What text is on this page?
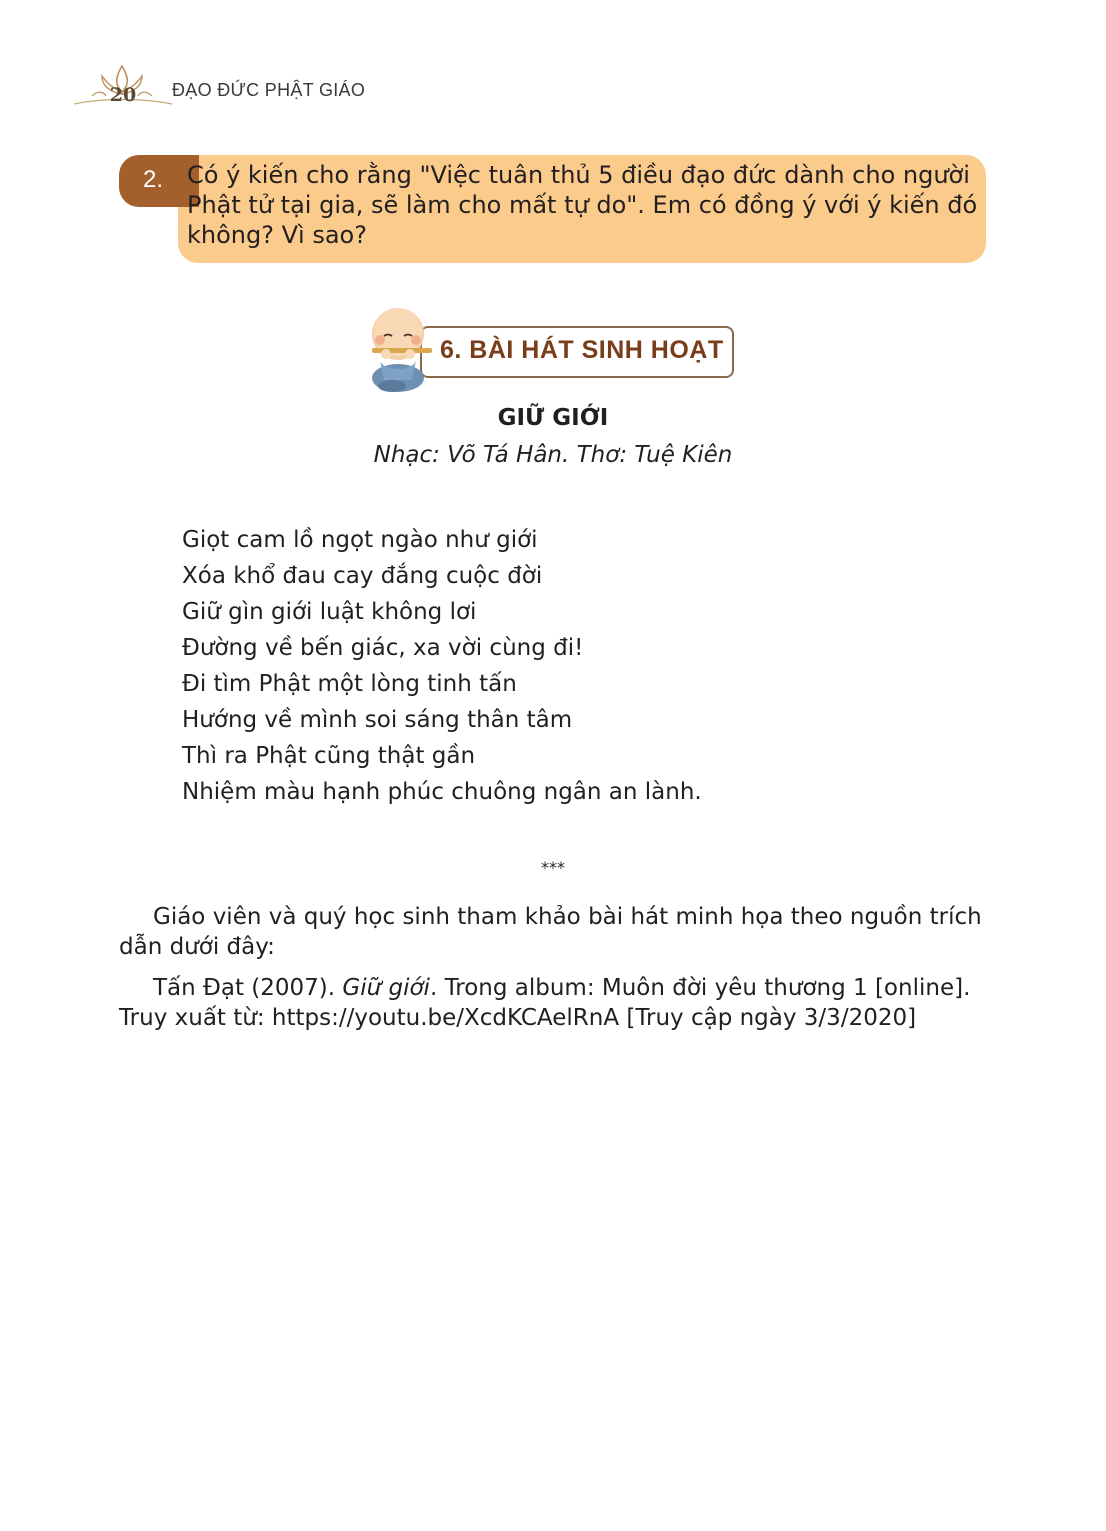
20 ĐẠO ĐỨC PHẬT GIÁO
2. Có ý kiến cho rằng "Việc tuân thủ 5 điều đạo đức dành cho người Phật tử tại gia, sẽ làm cho mất tự do". Em có đồng ý với ý kiến đó không? Vì sao?
6. BÀI HÁT SINH HOẠT
GIỮ GIỚI
Nhạc: Võ Tá Hân. Thơ: Tuệ Kiên
Giọt cam lồ ngọt ngào như giới
Xóa khổ đau cay đắng cuộc đời
Giữ gìn giới luật không lơi
Đường về bến giác, xa vời cùng đi!
Đi tìm Phật một lòng tinh tấn
Hướng về mình soi sáng thân tâm
Thì ra Phật cũng thật gần
Nhiệm màu hạnh phúc chuông ngân an lành.
***

Giáo viên và quý học sinh tham khảo bài hát minh họa theo nguồn trích dẫn dưới đây:

Tấn Đạt (2007). Giữ giới. Trong album: Muôn đời yêu thương 1 [online]. Truy xuất từ: https://youtu.be/XcdKCAelRnA [Truy cập ngày 3/3/2020]
